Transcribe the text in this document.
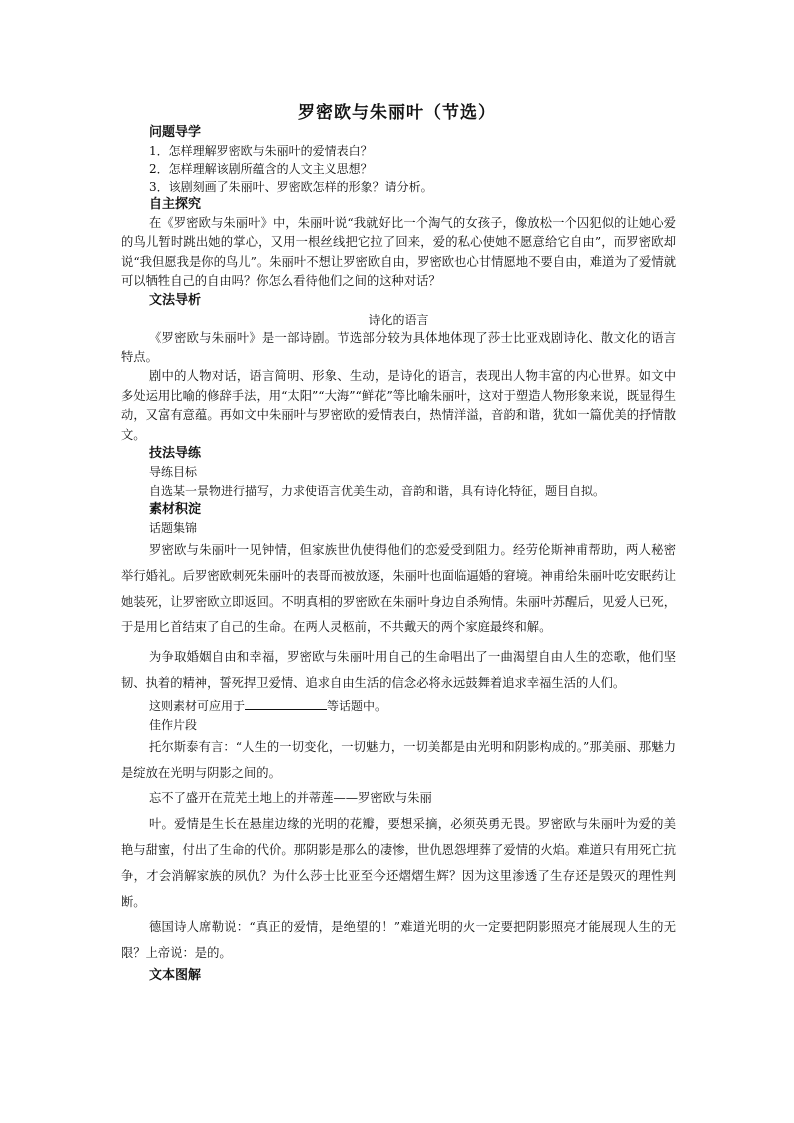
罗密欧与朱丽叶（节选）
问题导学
1．怎样理解罗密欧与朱丽叶的爱情表白？
2．怎样理解该剧所蕴含的人文主义思想？
3．该剧刻画了朱丽叶、罗密欧怎样的形象？请分析。
自主探究
在《罗密欧与朱丽叶》中，朱丽叶说“我就好比一个淘气的女孩子，像放松一个囚犯似的让她心爱的鸟儿暂时跳出她的掌心，又用一根丝线把它拉了回来，爱的私心使她不愿意给它自由”，而罗密欧却说“我但愿我是你的鸟儿”。朱丽叶不想让罗密欧自由，罗密欧也心甘情愿地不要自由，难道为了爱情就可以牺牲自己的自由吗？你怎么看待他们之间的这种对话？
文法导析
诗化的语言
《罗密欧与朱丽叶》是一部诗剧。节选部分较为具体地体现了莎士比亚戏剧诗化、散文化的语言特点。
剧中的人物对话，语言简明、形象、生动，是诗化的语言，表现出人物丰富的内心世界。如文中多处运用比喻的修辞手法，用“太阳”“大海”“鲜花”等比喻朱丽叶，这对于塑造人物形象来说，既显得生动，又富有意蕴。再如文中朱丽叶与罗密欧的爱情表白，热情洋溢，音韵和谐，犹如一篇优美的抒情散文。
技法导练
导练目标
自选某一景物进行描写，力求使语言优美生动，音韵和谐，具有诗化特征，题目自拟。
素材积淀
话题集锦
罗密欧与朱丽叶一见钟情，但家族世仇使得他们的恋爱受到阻力。经劳伦斯神甫帮助，两人秘密举行婚礼。后罗密欧刺死朱丽叶的表哥而被放逐，朱丽叶也面临逼婚的窘境。神甫给朱丽叶吃安眠药让她装死，让罗密欧立即返回。不明真相的罗密欧在朱丽叶身边自杀殉情。朱丽叶苏醒后，见爱人已死，于是用匕首结束了自己的生命。在两人灵柩前，不共戴天的两个家庭最终和解。
为争取婚姻自由和幸福，罗密欧与朱丽叶用自己的生命唱出了一曲渴望自由人生的恋歌，他们坚韧、执着的精神，誓死捍卫爱情、追求自由生活的信念必将永远鼓舞着追求幸福生活的人们。
这则素材可应用于	等话题中。
佳作片段
托尔斯泰有言：“人生的一切变化，一切魅力，一切美都是由光明和阴影构成的。”那美丽、那魅力是绽放在光明与阴影之间的。
忘不了盛开在荒芜土地上的并蒂莲——罗密欧与朱丽
叶。爱情是生长在悬崖边缘的光明的花瓣，要想采摘，必须英勇无畏。罗密欧与朱丽叶为爱的美艳与甜蜜，付出了生命的代价。那阴影是那么的凄惨，世仇恩怨埋葬了爱情的火焰。难道只有用死亡抗争，才会消解家族的夙仇？为什么莎士比亚至今还熠熠生辉？因为这里渗透了生存还是毁灭的理性判断。
德国诗人席勒说：“真正的爱情，是绝望的！”难道光明的火一定要把阴影照亮才能展现人生的无限？上帝说：是的。
文本图解
